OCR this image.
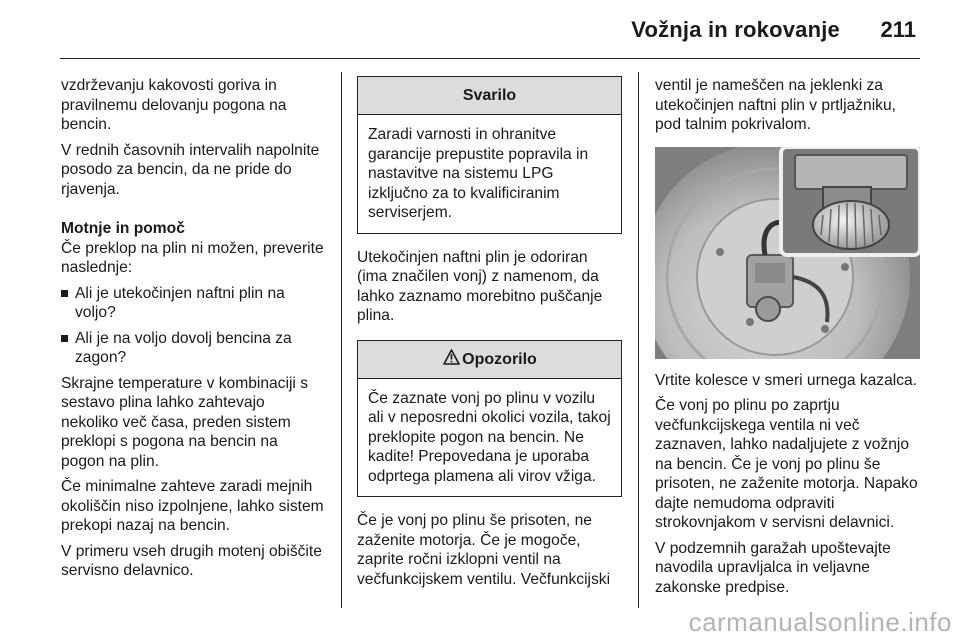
Vožnja in rokovanje 211

vzdrževanju kakovosti goriva in pravilnemu delovanju pogona na bencin.

V rednih časovnih intervalih napolnite posodo za bencin, da ne pride do rjavenja.

Motnje in pomoč

Če preklop na plin ni možen, preverite naslednje:

Ali je utekočinjen naftni plin na voljo?
Ali je na voljo dovolj bencina za zagon?

Skrajne temperature v kombinaciji s sestavo plina lahko zahtevajo nekoliko več časa, preden sistem preklopi s pogona na bencin na pogon na plin.

Če minimalne zahteve zaradi mejnih okoliščin niso izpolnjene, lahko sistem prekopi nazaj na bencin.

V primeru vseh drugih motenj obiščite servisno delavnico.

Svarilo
Zaradi varnosti in ohranitve garancije prepustite popravila in nastavitve na sistemu LPG izključno za to kvalificiranim serviserjem.

Utekočinjen naftni plin je odoriran (ima značilen vonj) z namenom, da lahko zaznamo morebitno puščanje plina.

Opozorilo
Če zaznate vonj po plinu v vozilu ali v neposredni okolici vozila, takoj preklopite pogon na bencin. Ne kadite! Prepovedana je uporaba odprtega plamena ali virov vžiga.

Če je vonj po plinu še prisoten, ne zaženite motorja. Če je mogoče, zaprite ročni izklopni ventil na večfunkcijskem ventilu. Večfunkcijski

ventil je nameščen na jeklenki za utekočinjen naftni plin v prtljažniku, pod talnim pokrivalom.

Vrtite kolesce v smeri urnega kazalca.

Če vonj po plinu po zaprtju večfunkcijskega ventila ni več zaznaven, lahko nadaljujete z vožnjo na bencin. Če je vonj po plinu še prisoten, ne zaženite motorja. Napako dajte nemudoma odpraviti strokovnjakom v servisni delavnici.

V podzemnih garažah upoštevajte navodila upravljalca in veljavne zakonske predpise.

carmanualsonline.info
